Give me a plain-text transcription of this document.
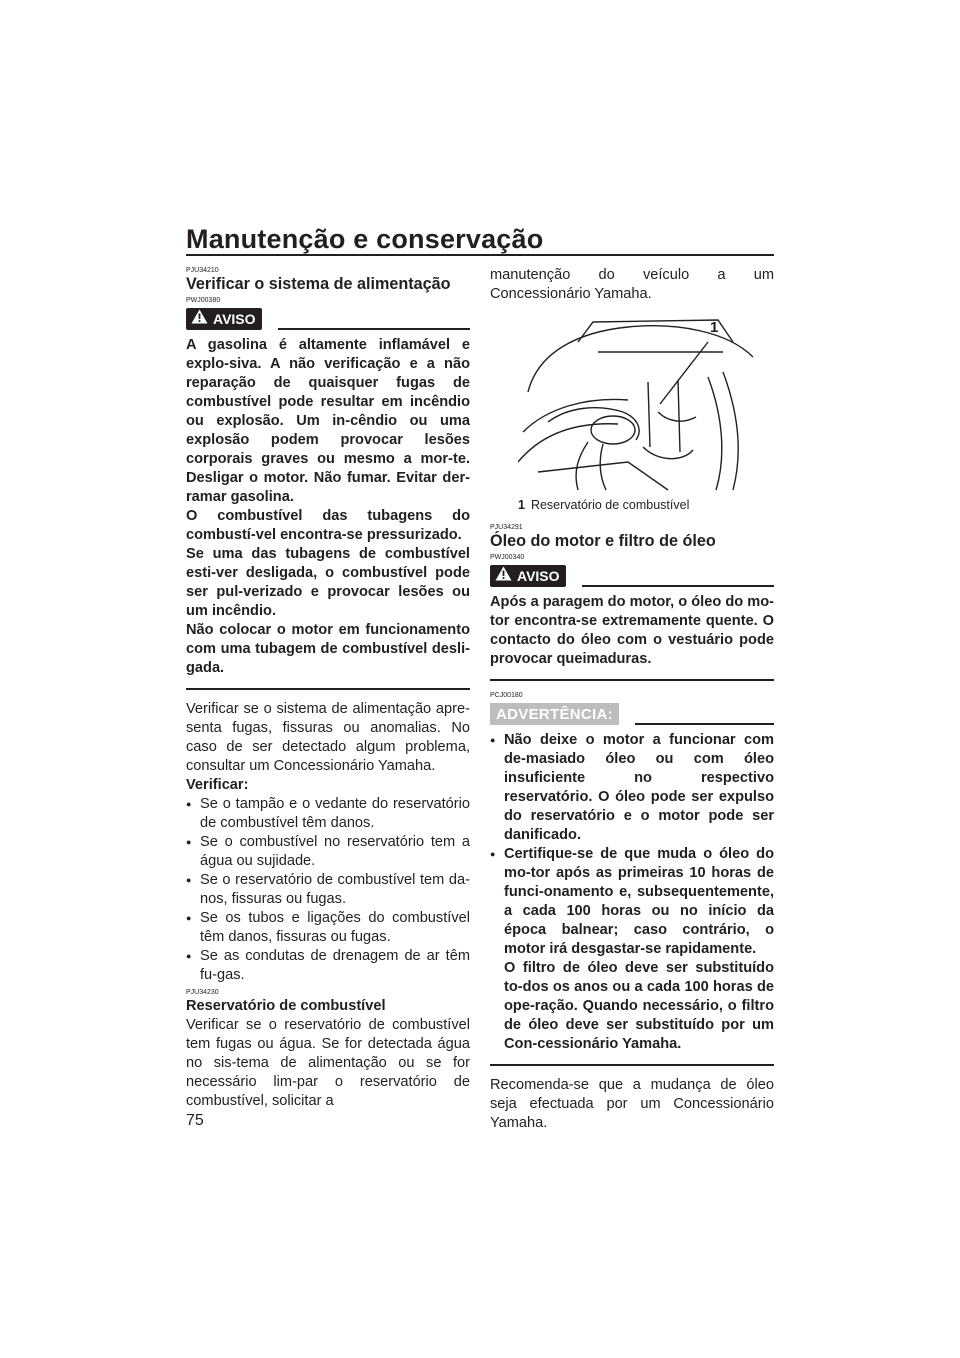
Manutenção e conservação
PJU34210
Verificar o sistema de alimentação
PWJ00380
AVISO

A gasolina é altamente inflamável e explo-siva. A não verificação e a não reparação de quaisquer fugas de combustível pode resultar em incêndio ou explosão. Um in-cêndio ou uma explosão podem provocar lesões corporais graves ou mesmo a mor-te. Desligar o motor. Não fumar. Evitar der-ramar gasolina.

O combustível das tubagens do combustí-vel encontra-se pressurizado.

Se uma das tubagens de combustível esti-ver desligada, o combustível pode ser pul-verizado e provocar lesões ou um incêndio.

Não colocar o motor em funcionamento com uma tubagem de combustível desli-gada.

Verificar se o sistema de alimentação apre-senta fugas, fissuras ou anomalias. No caso de ser detectado algum problema, consultar um Concessionário Yamaha.

Verificar:
● Se o tampão e o vedante do reservatório de combustível têm danos.
● Se o combustível no reservatório tem a água ou sujidade.
● Se o reservatório de combustível tem da-nos, fissuras ou fugas.
● Se os tubos e ligações do combustível têm danos, fissuras ou fugas.
● Se as condutas de drenagem de ar têm fu-gas.
PJU34230
Reservatório de combustível

Verificar se o reservatório de combustível tem fugas ou água. Se for detectada água no sis-tema de alimentação ou se for necessário lim-par o reservatório de combustível, solicitar a

manutenção do veículo a um Concessionário Yamaha.

1
1 Reservatório de combustível
PJU34291
Óleo do motor e filtro de óleo
PWJ00340
AVISO

Após a paragem do motor, o óleo do mo-tor encontra-se extremamente quente. O contacto do óleo com o vestuário pode provocar queimaduras.

PCJ00180
ADVERTÊNCIA:
● Não deixe o motor a funcionar com de-masiado óleo ou com óleo insuficiente no respectivo reservatório. O óleo pode ser expulso do reservatório e o motor pode ser danificado.
● Certifique-se de que muda o óleo do mo-tor após as primeiras 10 horas de funci-onamento e, subsequentemente, a cada 100 horas ou no início da época balnear; caso contrário, o motor irá desgastar-se rapidamente.

O filtro de óleo deve ser substituído to-dos os anos ou a cada 100 horas de ope-ração. Quando necessário, o filtro de óleo deve ser substituído por um Con-cessionário Yamaha.

Recomenda-se que a mudança de óleo seja efectuada por um Concessionário Yamaha.

75
